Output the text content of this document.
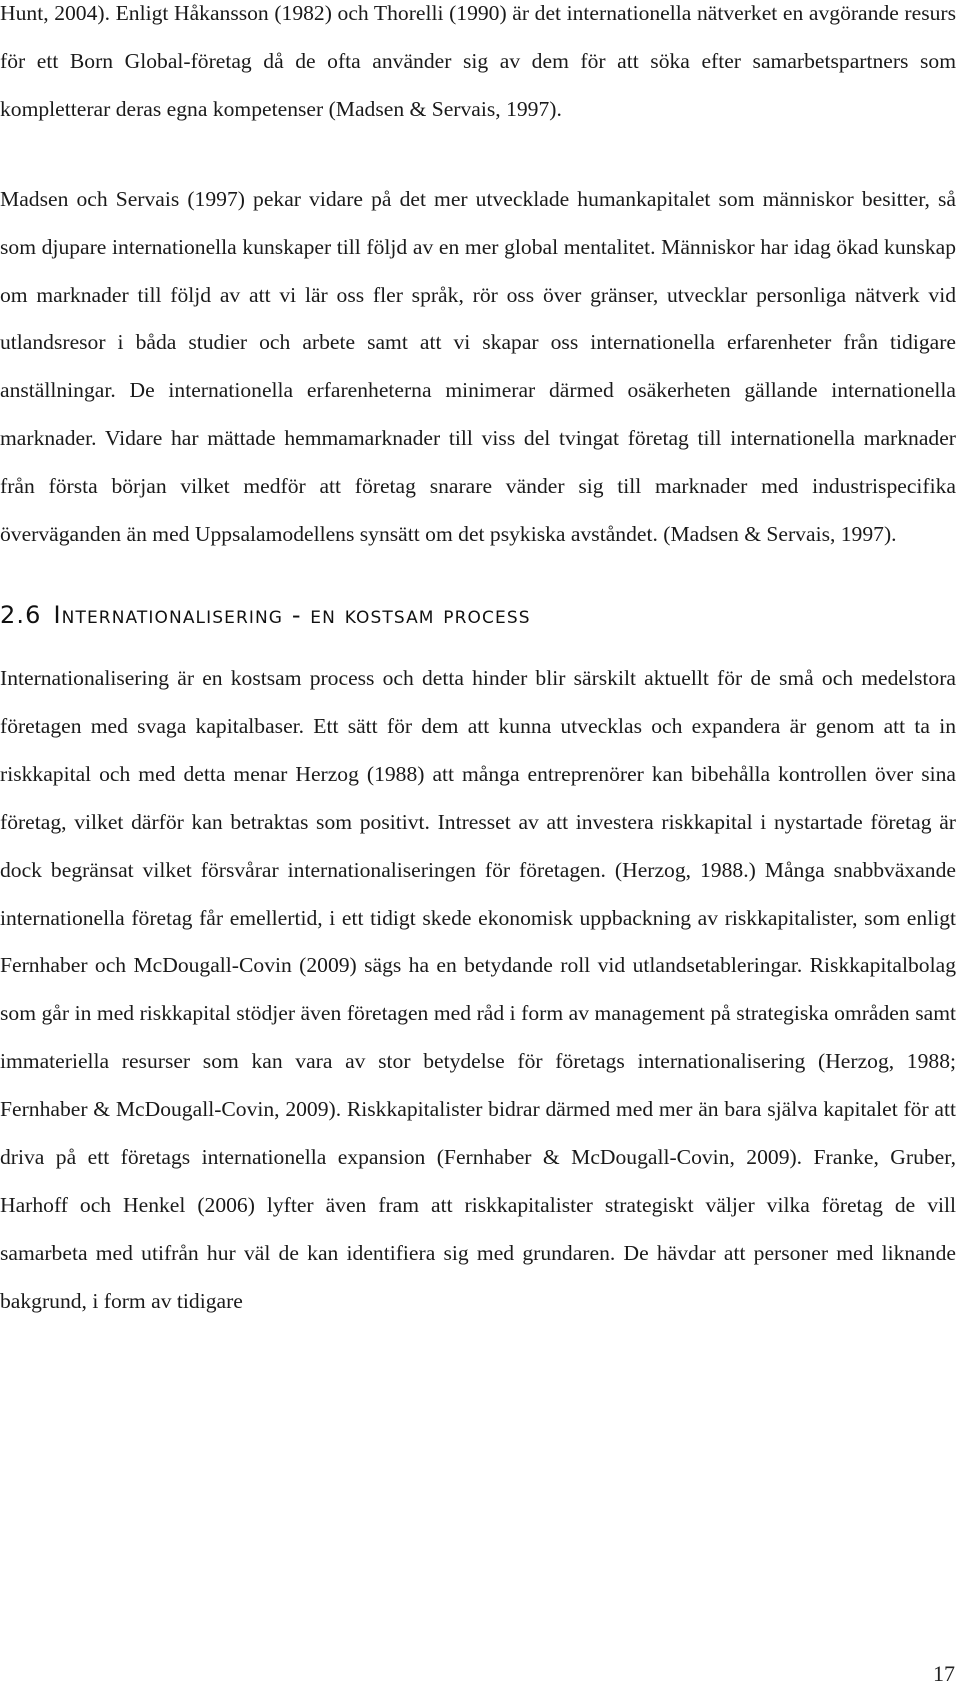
Hunt, 2004). Enligt Håkansson (1982) och Thorelli (1990) är det internationella nätverket en avgörande resurs för ett Born Global-företag då de ofta använder sig av dem för att söka efter samarbetspartners som kompletterar deras egna kompetenser (Madsen & Servais, 1997).

Madsen och Servais (1997) pekar vidare på det mer utvecklade humankapitalet som människor besitter, så som djupare internationella kunskaper till följd av en mer global mentalitet. Människor har idag ökad kunskap om marknader till följd av att vi lär oss fler språk, rör oss över gränser, utvecklar personliga nätverk vid utlandsresor i båda studier och arbete samt att vi skapar oss internationella erfarenheter från tidigare anställningar. De internationella erfarenheterna minimerar därmed osäkerheten gällande internationella marknader. Vidare har mättade hemmamarknader till viss del tvingat företag till internationella marknader från första början vilket medför att företag snarare vänder sig till marknader med industrispecifika överväganden än med Uppsalamodellens synsätt om det psykiska avståndet. (Madsen & Servais, 1997).

2.6 Internationalisering - en kostsam process

Internationalisering är en kostsam process och detta hinder blir särskilt aktuellt för de små och medelstora företagen med svaga kapitalbaser. Ett sätt för dem att kunna utvecklas och expandera är genom att ta in riskkapital och med detta menar Herzog (1988) att många entreprenörer kan bibehålla kontrollen över sina företag, vilket därför kan betraktas som positivt. Intresset av att investera riskkapital i nystartade företag är dock begränsat vilket försvårar internationaliseringen för företagen. (Herzog, 1988.) Många snabbväxande internationella företag får emellertid, i ett tidigt skede ekonomisk uppbackning av riskkapitalister, som enligt Fernhaber och McDougall-Covin (2009) sägs ha en betydande roll vid utlandsetableringar. Riskkapitalbolag som går in med riskkapital stödjer även företagen med råd i form av management på strategiska områden samt immateriella resurser som kan vara av stor betydelse för företags internationalisering (Herzog, 1988; Fernhaber & McDougall-Covin, 2009). Riskkapitalister bidrar därmed med mer än bara själva kapitalet för att driva på ett företags internationella expansion (Fernhaber & McDougall-Covin, 2009). Franke, Gruber, Harhoff och Henkel (2006) lyfter även fram att riskkapitalister strategiskt väljer vilka företag de vill samarbeta med utifrån hur väl de kan identifiera sig med grundaren. De hävdar att personer med liknande bakgrund, i form av tidigare

17
